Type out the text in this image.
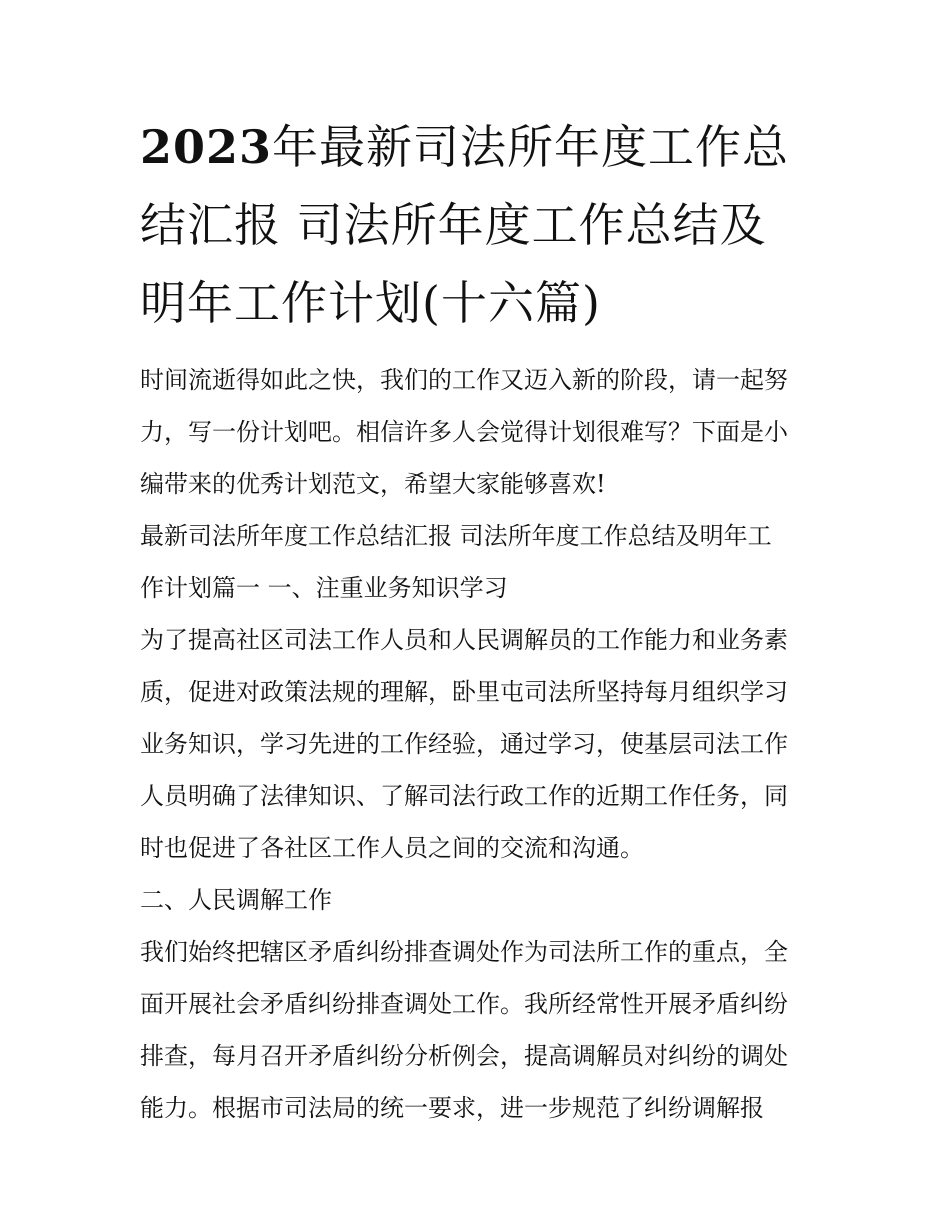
2023年最新司法所年度工作总
结汇报 司法所年度工作总结及
明年工作计划(十六篇)
时间流逝得如此之快，我们的工作又迈入新的阶段，请一起努
力，写一份计划吧。相信许多人会觉得计划很难写？下面是小
编带来的优秀计划范文，希望大家能够喜欢!
最新司法所年度工作总结汇报 司法所年度工作总结及明年工
作计划篇一 一、注重业务知识学习
为了提高社区司法工作人员和人民调解员的工作能力和业务素
质，促进对政策法规的理解，卧里屯司法所坚持每月组织学习
业务知识，学习先进的工作经验，通过学习，使基层司法工作
人员明确了法律知识、了解司法行政工作的近期工作任务，同
时也促进了各社区工作人员之间的交流和沟通。
二、人民调解工作
我们始终把辖区矛盾纠纷排查调处作为司法所工作的重点，全
面开展社会矛盾纠纷排查调处工作。我所经常性开展矛盾纠纷
排查，每月召开矛盾纠纷分析例会，提高调解员对纠纷的调处
能力。根据市司法局的统一要求，进一步规范了纠纷调解报
